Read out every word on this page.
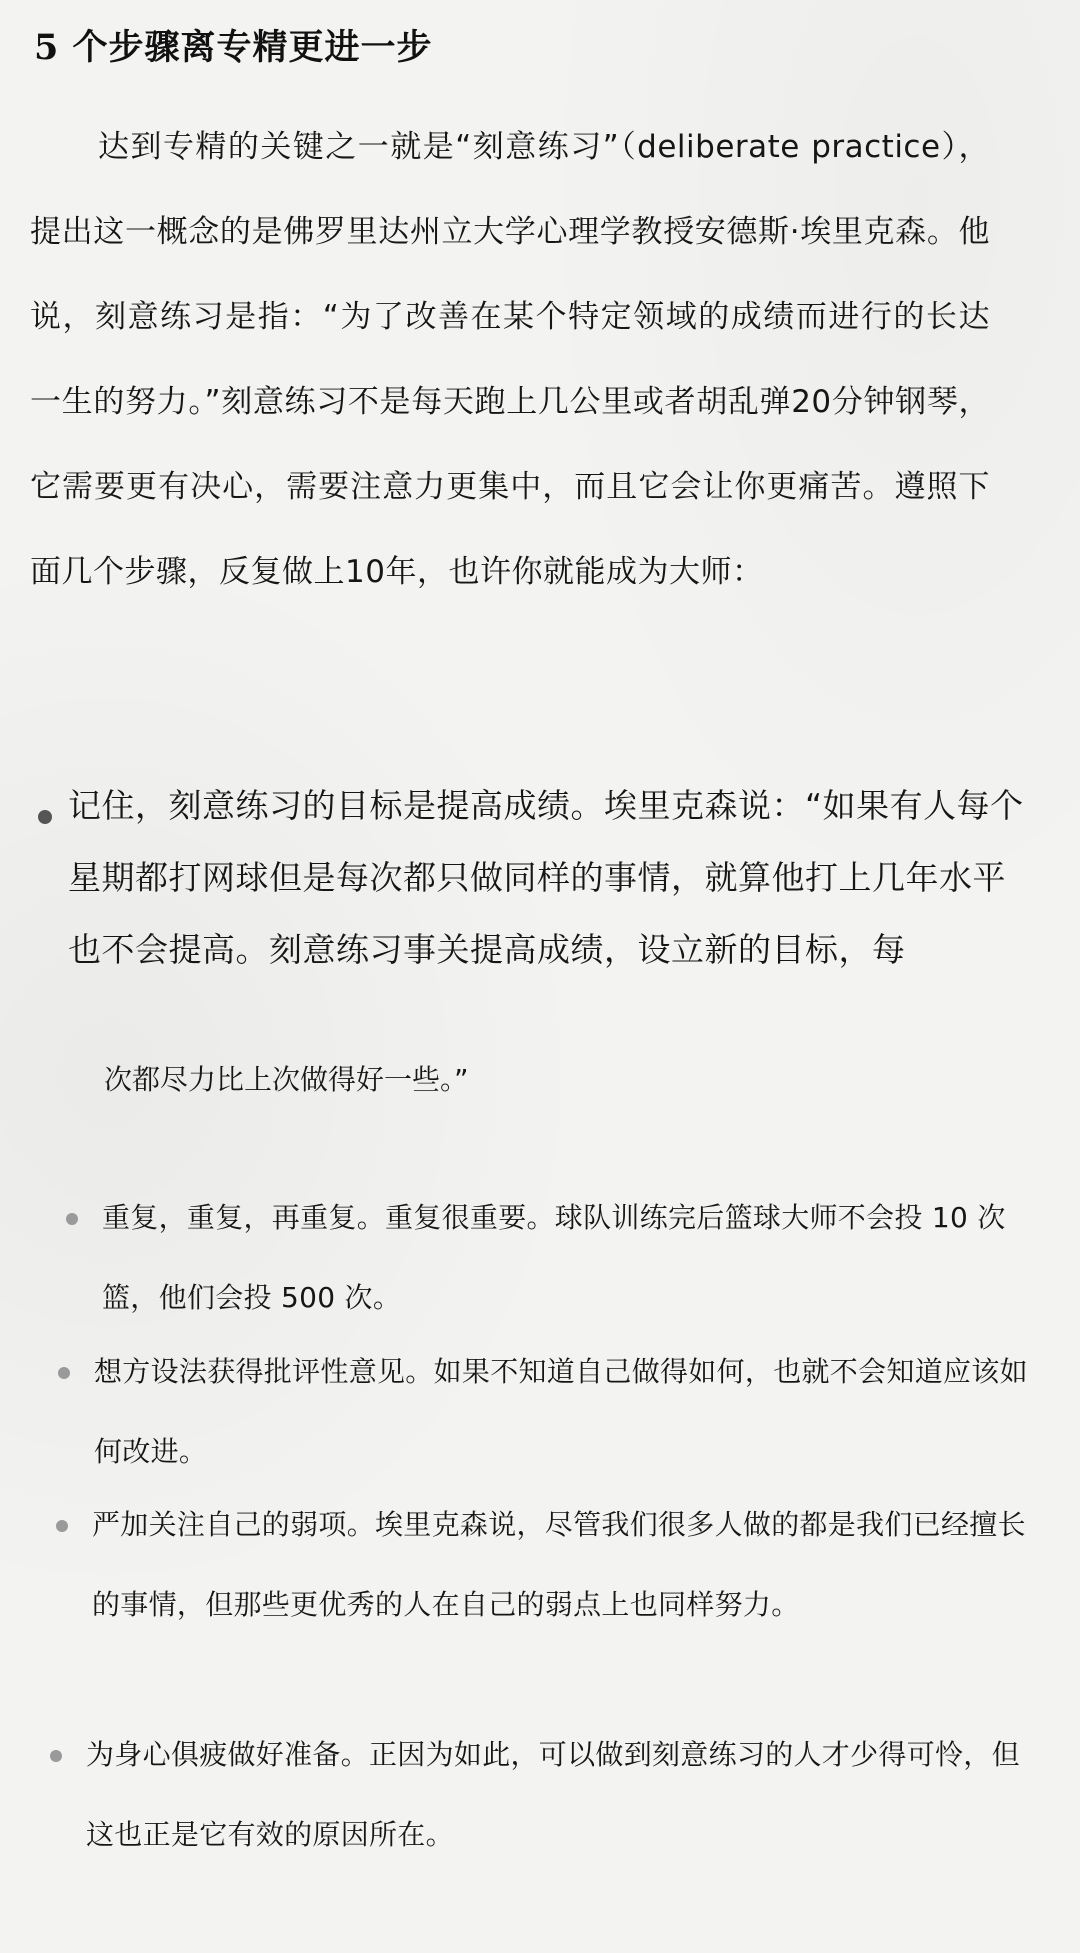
5 个步骤离专精更进一步

达到专精的关键之一就是“刻意练习”（deliberate practice），提出这一概念的是佛罗里达州立大学心理学教授安德斯·埃里克森。他说，刻意练习是指：“为了改善在某个特定领域的成绩而进行的长达一生的努力。”刻意练习不是每天跑上几公里或者胡乱弹20分钟钢琴，它需要更有决心，需要注意力更集中，而且它会让你更痛苦。遵照下面几个步骤，反复做上10年，也许你就能成为大师：

记住，刻意练习的目标是提高成绩。埃里克森说：“如果有人每个星期都打网球但是每次都只做同样的事情，就算他打上几年水平也不会提高。刻意练习事关提高成绩，设立新的目标，每
次都尽力比上次做得好一些。”
重复，重复，再重复。重复很重要。球队训练完后篮球大师不会投 10 次篮，他们会投 500 次。
想方设法获得批评性意见。如果不知道自己做得如何，也就不会知道应该如何改进。
严加关注自己的弱项。埃里克森说，尽管我们很多人做的都是我们已经擅长的事情，但那些更优秀的人在自己的弱点上也同样努力。
为身心俱疲做好准备。正因为如此，可以做到刻意练习的人才少得可怜，但这也正是它有效的原因所在。
